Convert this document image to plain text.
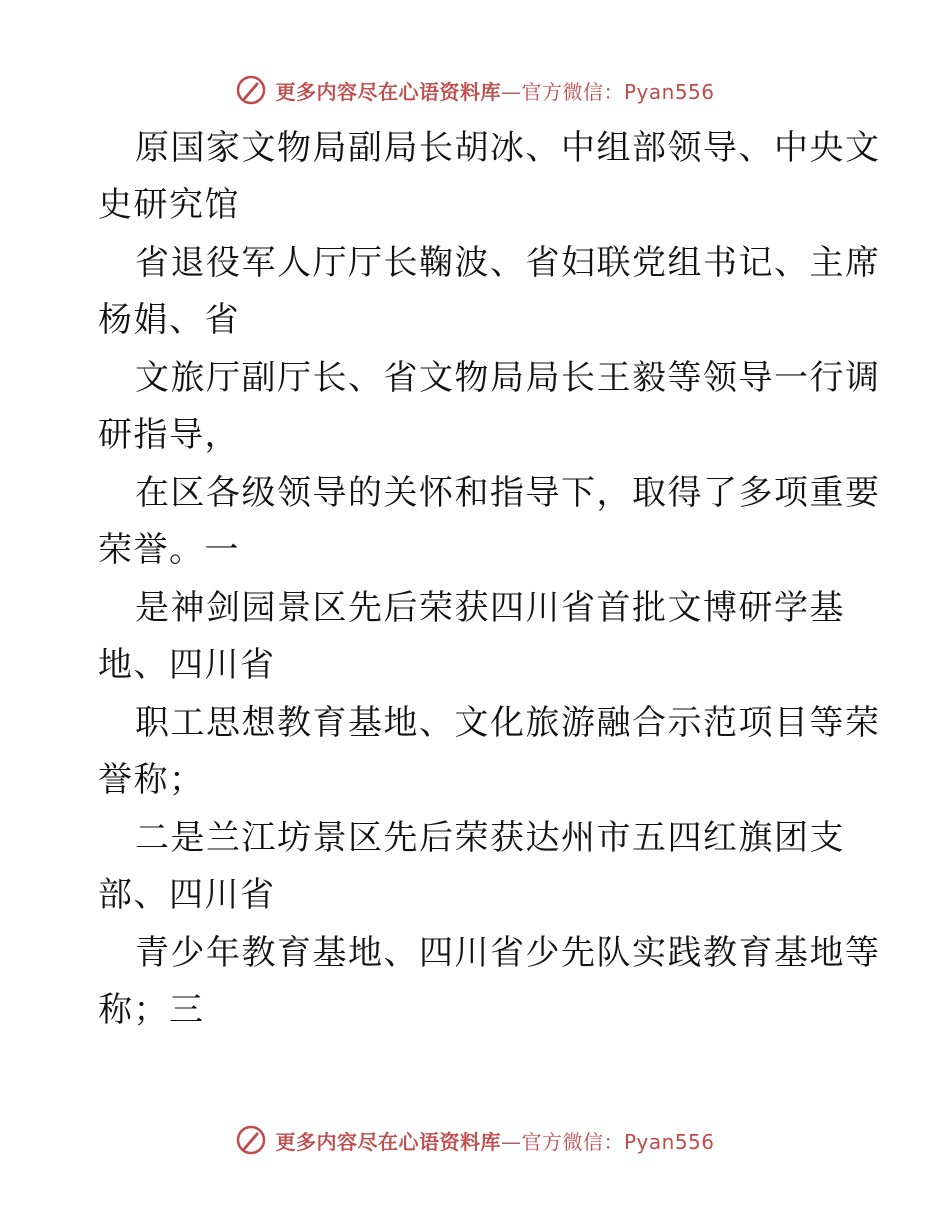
更多内容尽在心语资料库—官方微信：Pyan556
原国家文物局副局长胡冰、中组部领导、中央文
史研究馆
省退役军人厅厅长鞠波、省妇联党组书记、主席
杨娟、省
文旅厅副厅长、省文物局局长王毅等领导一行调
研指导，
在区各级领导的关怀和指导下，取得了多项重要
荣誉。一
是神剑园景区先后荣获四川省首批文博研学基
地、四川省
职工思想教育基地、文化旅游融合示范项目等荣
誉称；
二是兰江坊景区先后荣获达州市五四红旗团支
部、四川省
青少年教育基地、四川省少先队实践教育基地等
称；三
更多内容尽在心语资料库—官方微信：Pyan556
